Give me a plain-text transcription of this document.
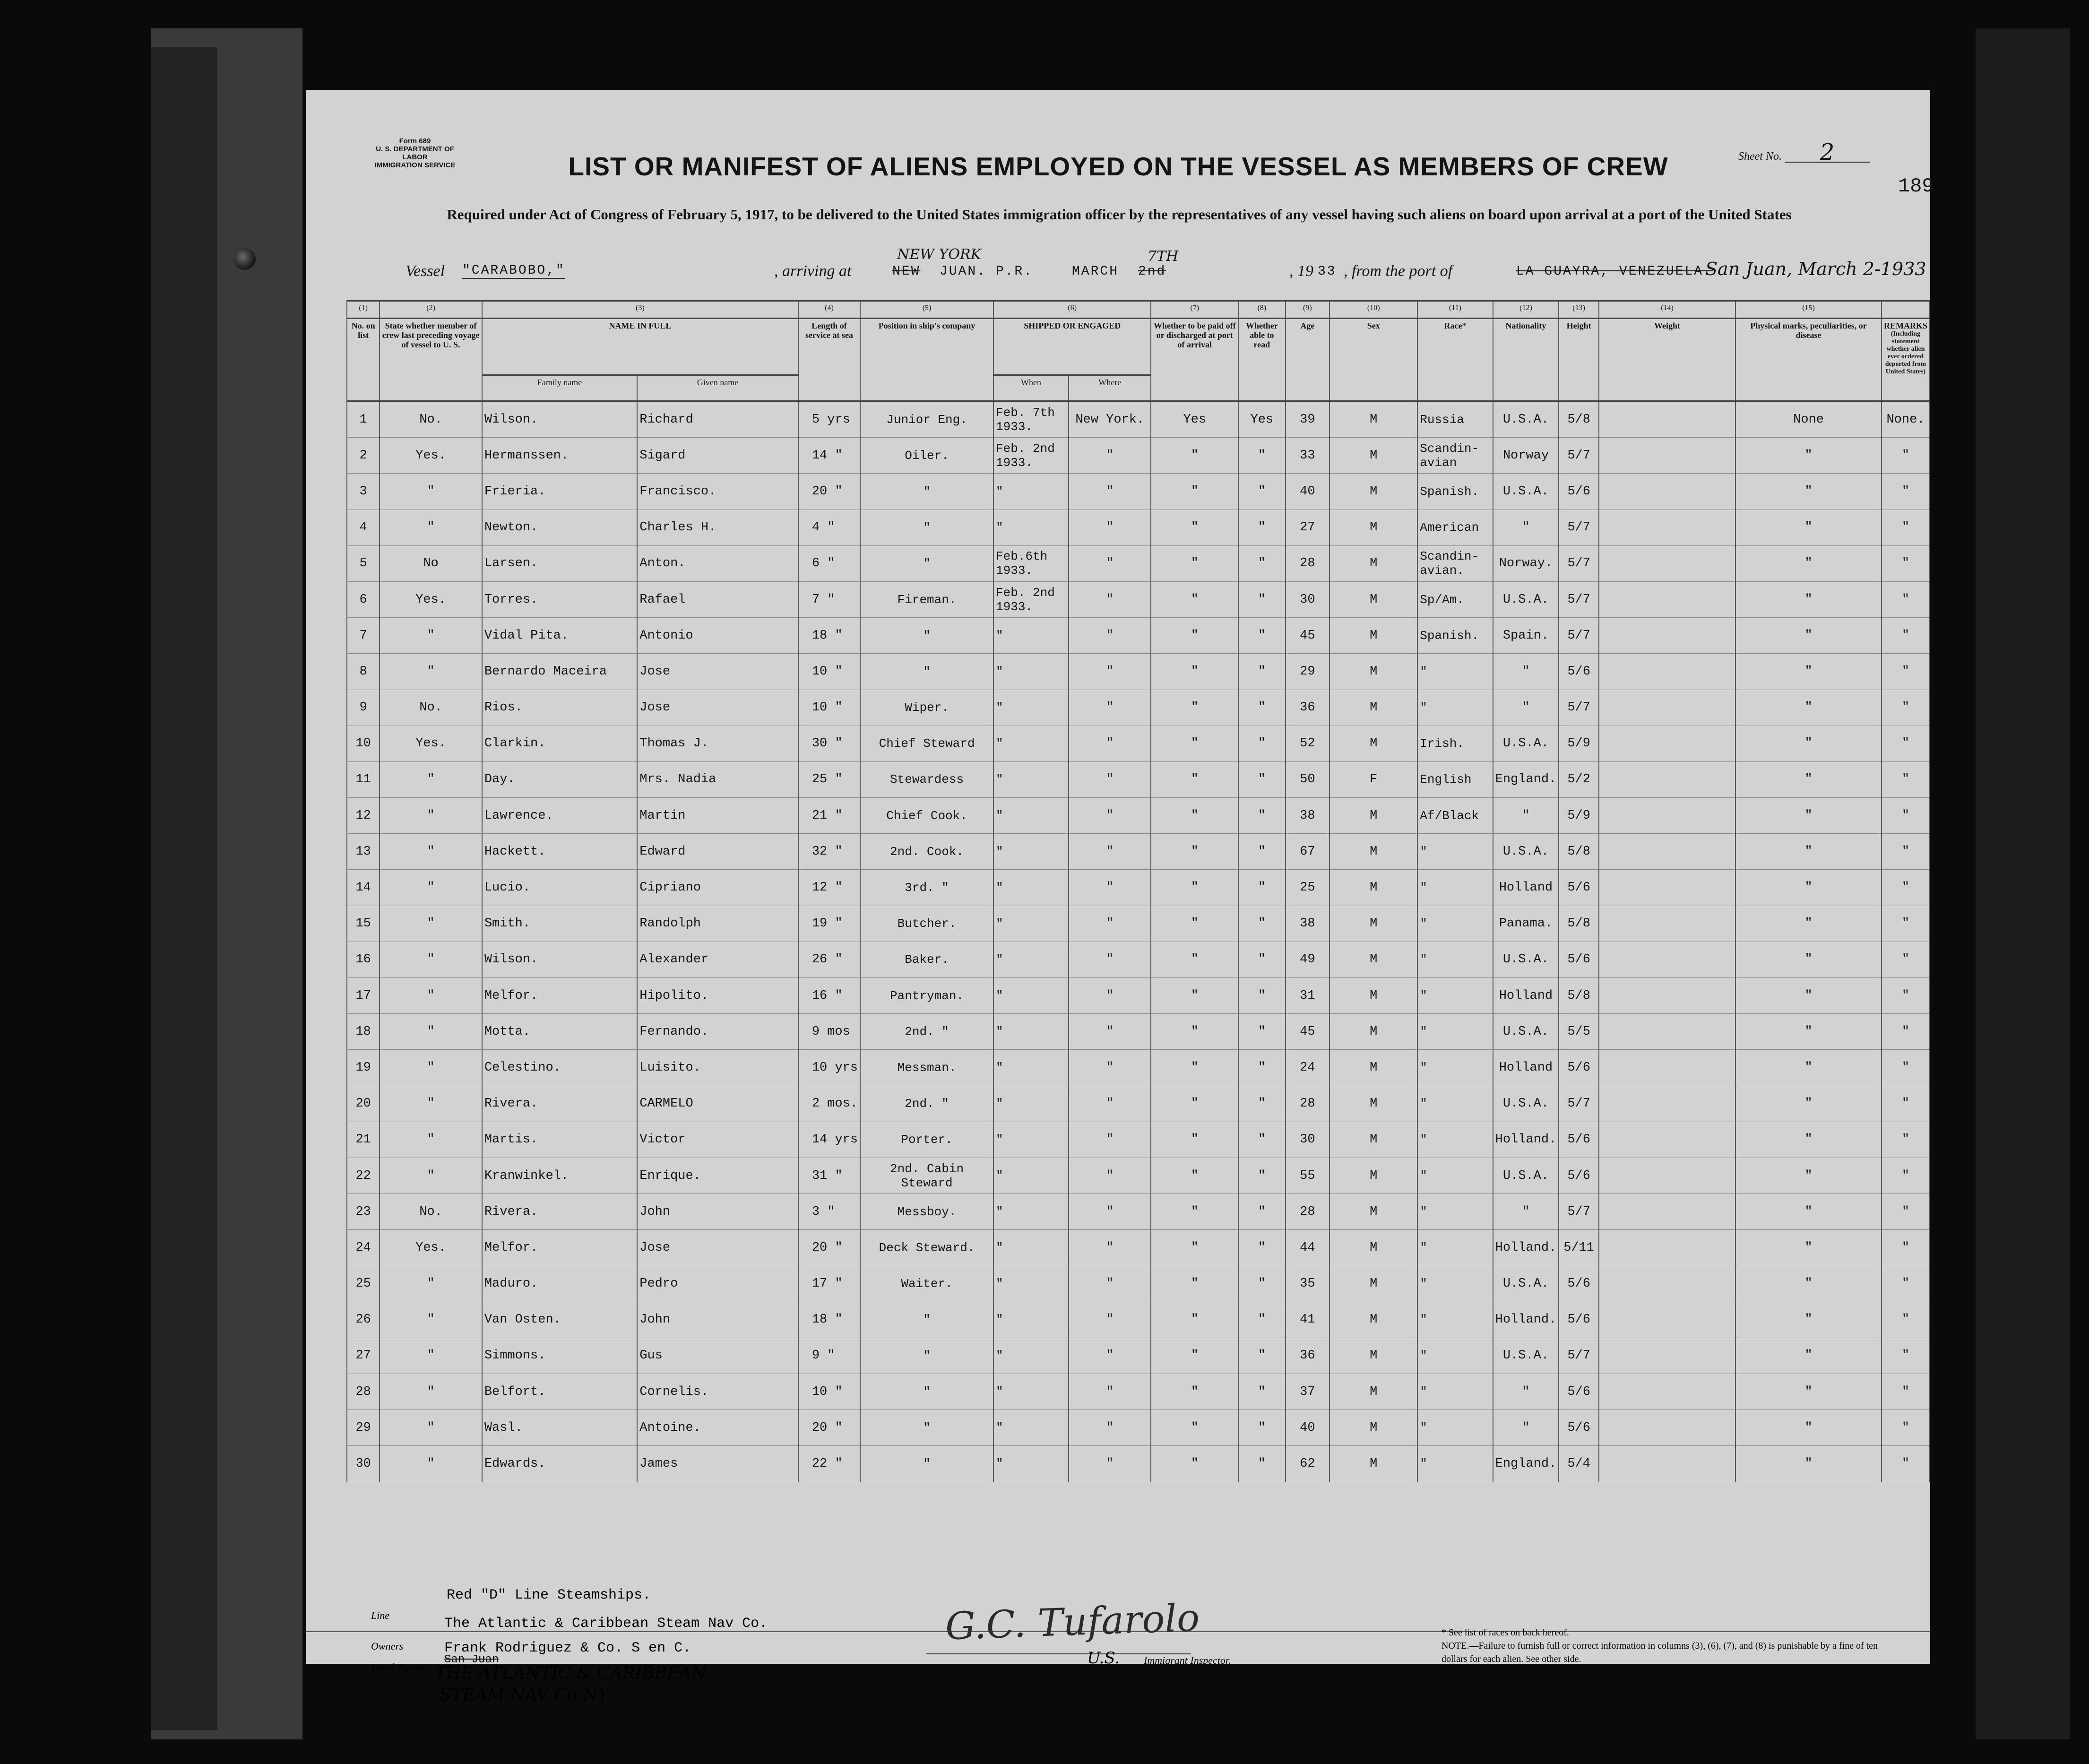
Form 689
U. S. DEPARTMENT OF LABOR
IMMIGRATION SERVICE
Sheet No. 2
189
LIST OR MANIFEST OF ALIENS EMPLOYED ON THE VESSEL AS MEMBERS OF CREW
Required under Act of Congress of February 5, 1917, to be delivered to the United States immigration officer by the representatives of any vessel having such aliens on board upon arrival at a port of the United States
Vessel "CARABOBO,"	, arriving at	NEW
NEW YORK
JUAN. P.R.	MARCH 2nd
7TH
, 19 33 , from the port of	LA GUAYRA, VENEZUELA.
San Juan, March 2-1933
(1)	(2)	(3)		(4)	(5)	(6)		(7)	(8)	(9)	(10)	(11)	(12)	(13)	(14)	(15)	
No. on list	State whether member of crew last preceding voyage of vessel to U. S.	NAME IN FULL		Length of service at sea	Position in ship's company	SHIPPED OR ENGAGED		Whether to be paid off or discharged at port of arrival	Whether able to read	Age	Sex	Race*	Nationality	Height	Weight	Physical marks, peculiarities, or disease	REMARKS
(Including statement whether alien ever ordered deported from United States)

		Family name	Given name			When	Where										
1	No.	Wilson.	Richard	5 yrs	Junior Eng.	Feb. 7th 1933.	New York.	Yes	Yes	39	M	Russia	U.S.A.	5/8		None	None.
2	Yes.	Hermanssen.	Sigard	14 "	Oiler.	Feb. 2nd 1933.	"	"	"	33	M	Scandin- avian	Norway	5/7		"	"
3	"	Frieria.	Francisco.	20 "	"	"	"	"	"	40	M	Spanish.	U.S.A.	5/6		"	"
4	"	Newton.	Charles H.	4 "	"	"	"	"	"	27	M	American	"	5/7		"	"
5	No	Larsen.	Anton.	6 "	"	Feb.6th 1933.	"	"	"	28	M	Scandin- avian.	Norway.	5/7		"	"
6	Yes.	Torres.	Rafael	7 "	Fireman.	Feb. 2nd 1933.	"	"	"	30	M	Sp/Am.	U.S.A.	5/7		"	"
7	"	Vidal Pita.	Antonio	18 "	"	"	"	"	"	45	M	Spanish.	Spain.	5/7		"	"
8	"	Bernardo Maceira	Jose	10 "	"	"	"	"	"	29	M	"	"	5/6		"	"
9	No.	Rios.	Jose	10 "	Wiper.	"	"	"	"	36	M	"	"	5/7		"	"
10	Yes.	Clarkin.	Thomas J.	30 "	Chief Steward	"	"	"	"	52	M	Irish.	U.S.A.	5/9		"	"
11	"	Day.	Mrs. Nadia	25 "	Stewardess	"	"	"	"	50	F	English	England.	5/2		"	"
12	"	Lawrence.	Martin	21 "	Chief Cook.	"	"	"	"	38	M	Af/Black	"	5/9		"	"
13	"	Hackett.	Edward	32 "	2nd. Cook.	"	"	"	"	67	M	"	U.S.A.	5/8		"	"
14	"	Lucio.	Cipriano	12 "	3rd. "	"	"	"	"	25	M	"	Holland	5/6		"	"
15	"	Smith.	Randolph	19 "	Butcher.	"	"	"	"	38	M	"	Panama.	5/8		"	"
16	"	Wilson.	Alexander	26 "	Baker.	"	"	"	"	49	M	"	U.S.A.	5/6		"	"
17	"	Melfor.	Hipolito.	16 "	Pantryman.	"	"	"	"	31	M	"	Holland	5/8		"	"
18	"	Motta.	Fernando.	9 mos	2nd. "	"	"	"	"	45	M	"	U.S.A.	5/5		"	"
19	"	Celestino.	Luisito.	10 yrs	Messman.	"	"	"	"	24	M	"	Holland	5/6		"	"
20	"	Rivera.	CARMELO	2 mos.	2nd. "	"	"	"	"	28	M	"	U.S.A.	5/7		"	"
21	"	Martis.	Victor	14 yrs	Porter.	"	"	"	"	30	M	"	Holland.	5/6		"	"
22	"	Kranwinkel.	Enrique.	31 "	2nd. Cabin Steward	"	"	"	"	55	M	"	U.S.A.	5/6		"	"
23	No.	Rivera.	John	3 "	Messboy.	"	"	"	"	28	M	"	"	5/7		"	"
24	Yes.	Melfor.	Jose	20 "	Deck Steward.	"	"	"	"	44	M	"	Holland.	5/11		"	"
25	"	Maduro.	Pedro	17 "	Waiter.	"	"	"	"	35	M	"	U.S.A.	5/6		"	"
26	"	Van Osten.	John	18 "	"	"	"	"	"	41	M	"	Holland.	5/6		"	"
27	"	Simmons.	Gus	9 "	"	"	"	"	"	36	M	"	U.S.A.	5/7		"	"
28	"	Belfort.	Cornelis.	10 "	"	"	"	"	"	37	M	"	"	5/6		"	"
29	"	Wasl.	Antoine.	20 "	"	"	"	"	"	40	M	"	"	5/6		"	"
30	"	Edwards.	James	22 "	"	"	"	"	"	62	M	"	England.	5/4		"	"
Red "D" Line Steamships.
Line
Owners
The Atlantic & Caribbean Steam Nav Co.
Frank Rodriguez & Co. S en C.
San Juan
Local Agents THE ATLANTIC & CARIBBEAN
STEAM NAV Co NY
G.C. Tufarolo
U.S. Immigrant Inspector.
* See list of races on back hereof.
NOTE.—Failure to furnish full or correct information in columns (3), (6), (7), and (8) is punishable by a fine of ten dollars for each alien. See other side.
